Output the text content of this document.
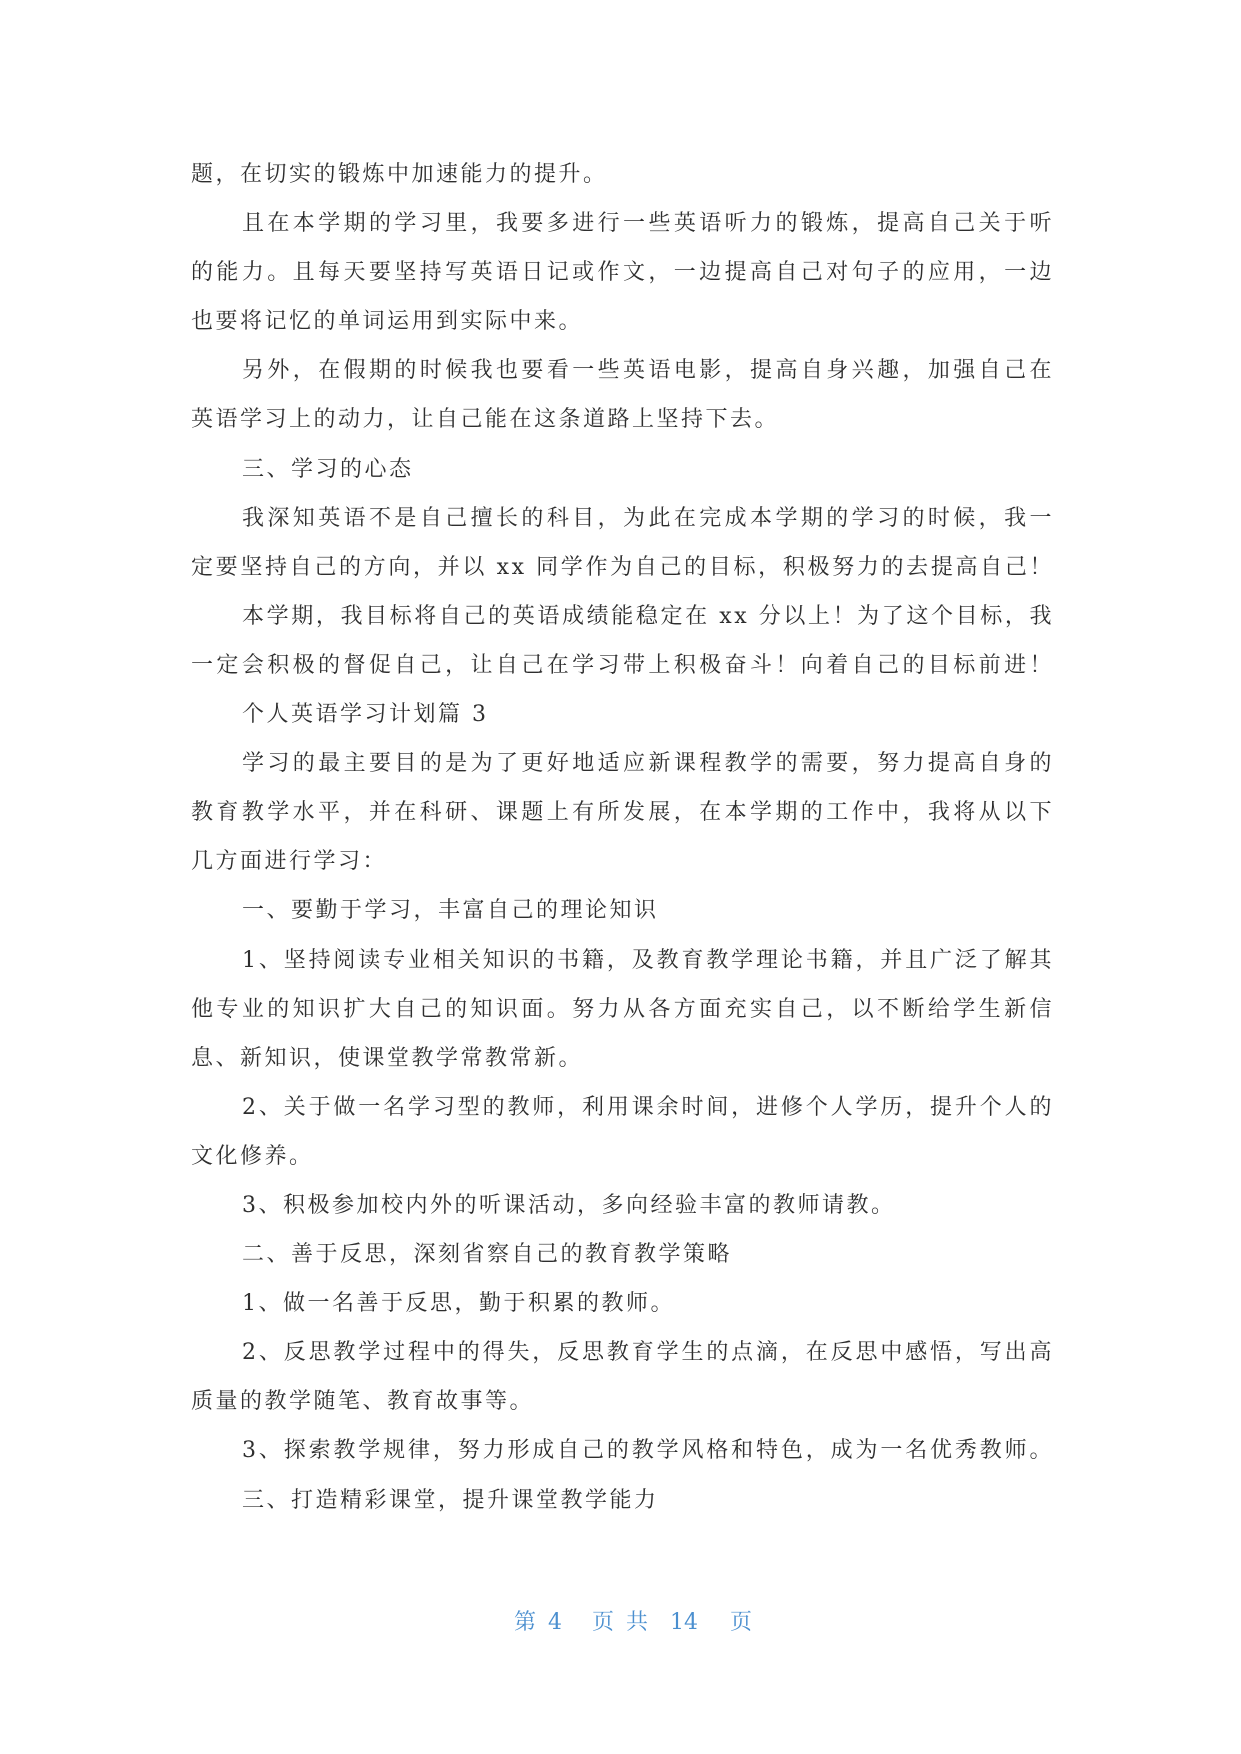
题，在切实的锻炼中加速能力的提升。
且在本学期的学习里，我要多进行一些英语听力的锻炼，提高自己关于听
的能力。且每天要坚持写英语日记或作文，一边提高自己对句子的应用，一边
也要将记忆的单词运用到实际中来。
另外，在假期的时候我也要看一些英语电影，提高自身兴趣，加强自己在
英语学习上的动力，让自己能在这条道路上坚持下去。
三、学习的心态
我深知英语不是自己擅长的科目，为此在完成本学期的学习的时候，我一
定要坚持自己的方向，并以 xx 同学作为自己的目标，积极努力的去提高自己！
本学期，我目标将自己的英语成绩能稳定在 xx 分以上！为了这个目标，我
一定会积极的督促自己，让自己在学习带上积极奋斗！向着自己的目标前进！
个人英语学习计划篇 3
学习的最主要目的是为了更好地适应新课程教学的需要，努力提高自身的
教育教学水平，并在科研、课题上有所发展，在本学期的工作中，我将从以下
几方面进行学习：
一、要勤于学习，丰富自己的理论知识
1、坚持阅读专业相关知识的书籍，及教育教学理论书籍，并且广泛了解其
他专业的知识扩大自己的知识面。努力从各方面充实自己，以不断给学生新信
息、新知识，使课堂教学常教常新。
2、关于做一名学习型的教师，利用课余时间，进修个人学历，提升个人的
文化修养。
3、积极参加校内外的听课活动，多向经验丰富的教师请教。
二、善于反思，深刻省察自己的教育教学策略
1、做一名善于反思，勤于积累的教师。
2、反思教学过程中的得失，反思教育学生的点滴，在反思中感悟，写出高
质量的教学随笔、教育故事等。
3、探索教学规律，努力形成自己的教学风格和特色，成为一名优秀教师。
三、打造精彩课堂，提升课堂教学能力
第 4 页共 14 页
